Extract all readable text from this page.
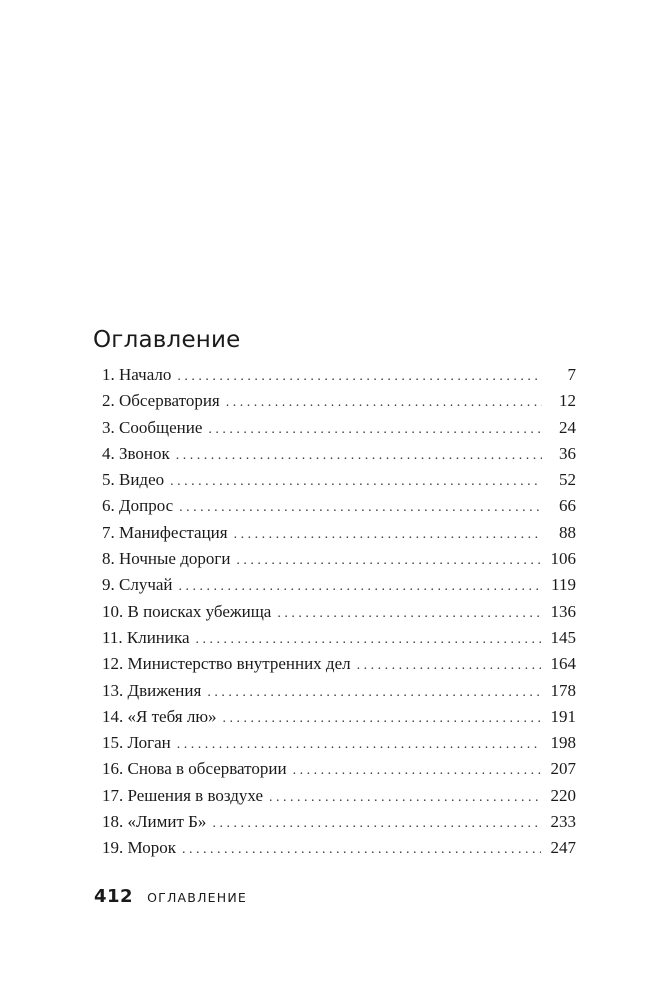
Оглавление
1. Начало . . .	7
2. Обсерватория . . .	12
3. Сообщение . . .	24
4. Звонок . . .	36
5. Видео . . .	52
6. Допрос . . .	66
7. Манифестация . . .	88
8. Ночные дороги . . .	106
9. Случай . . .	119
10. В поисках убежища . . .	136
11. Клиника . . .	145
12. Министерство внутренних дел . . .	164
13. Движения . . .	178
14. «Я тебя лю» . . .	191
15. Логан . . .	198
16. Снова в обсерватории . . .	207
17. Решения в воздухе . . .	220
18. «Лимит Б» . . .	233
19. Морок . . .	247
412 ОГЛАВЛЕНИЕ
